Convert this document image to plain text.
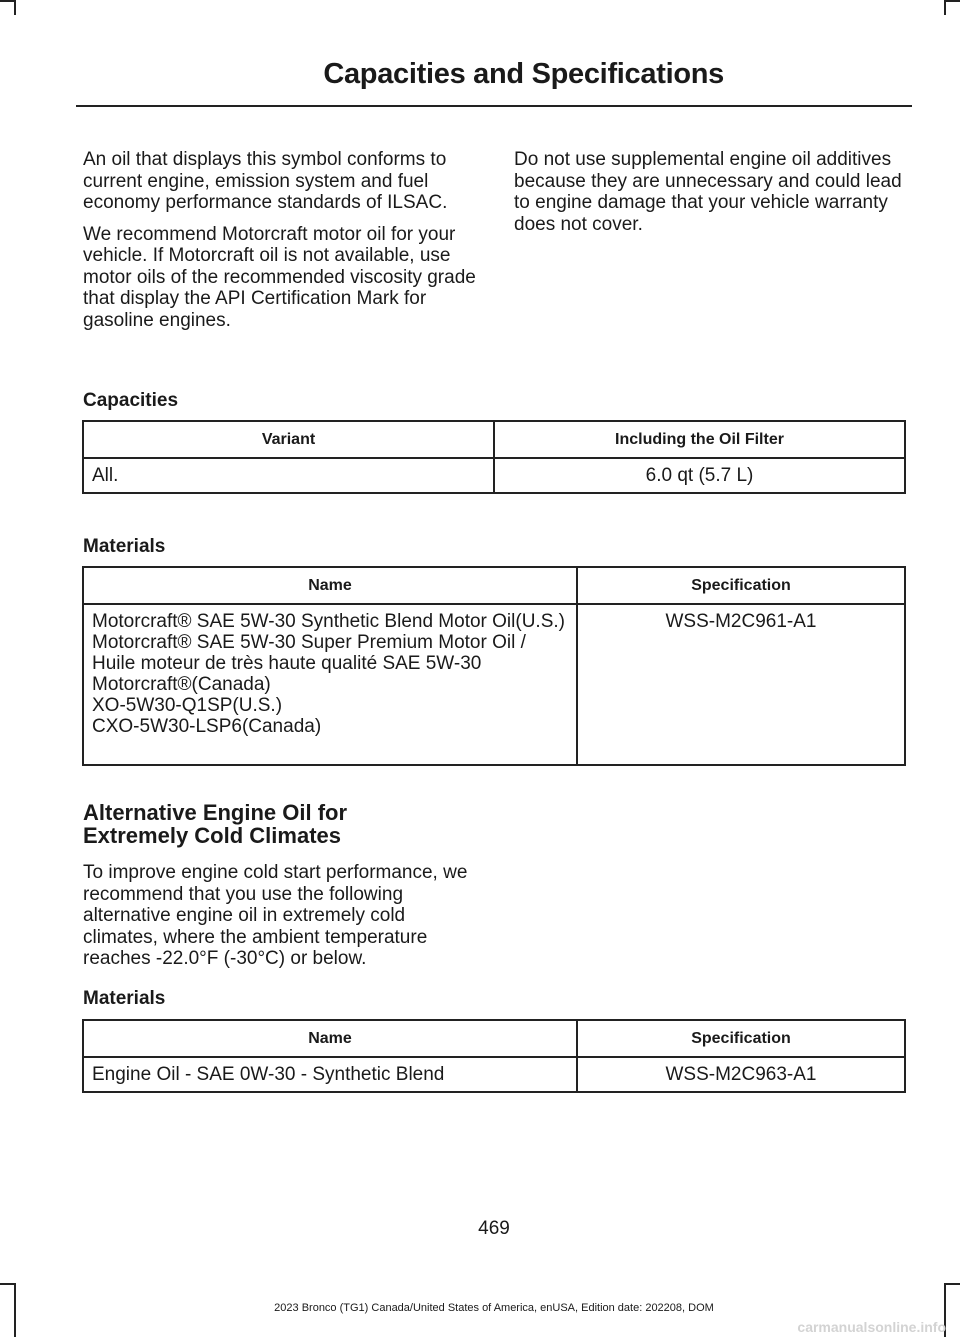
Capacities and Specifications

An oil that displays this symbol conforms to current engine, emission system and fuel economy performance standards of ILSAC.

We recommend Motorcraft motor oil for your vehicle. If Motorcraft oil is not available, use motor oils of the recommended viscosity grade that display the API Certification Mark for gasoline engines.

Do not use supplemental engine oil additives because they are unnecessary and could lead to engine damage that your vehicle warranty does not cover.

Capacities
Variant	Including the Oil Filter
All.	6.0 qt (5.7 L)
Materials
Name	Specification
Motorcraft® SAE 5W-30 Synthetic Blend Motor Oil(U.S.)
Motorcraft® SAE 5W-30 Super Premium Motor Oil / Huile moteur de très haute qualité SAE 5W-30 Motorcraft®(Canada)
XO-5W30-Q1SP(U.S.)
CXO-5W30-LSP6(Canada)	WSS-M2C961-A1
Alternative Engine Oil for
Extremely Cold Climates
To improve engine cold start performance, we recommend that you use the following alternative engine oil in extremely cold climates, where the ambient temperature reaches -22.0°F (-30°C) or below.
Materials
Name	Specification
Engine Oil - SAE 0W-30 - Synthetic Blend	WSS-M2C963-A1
469
2023 Bronco (TG1) Canada/United States of America, enUSA, Edition date: 202208, DOM
carmanualsonline.info
